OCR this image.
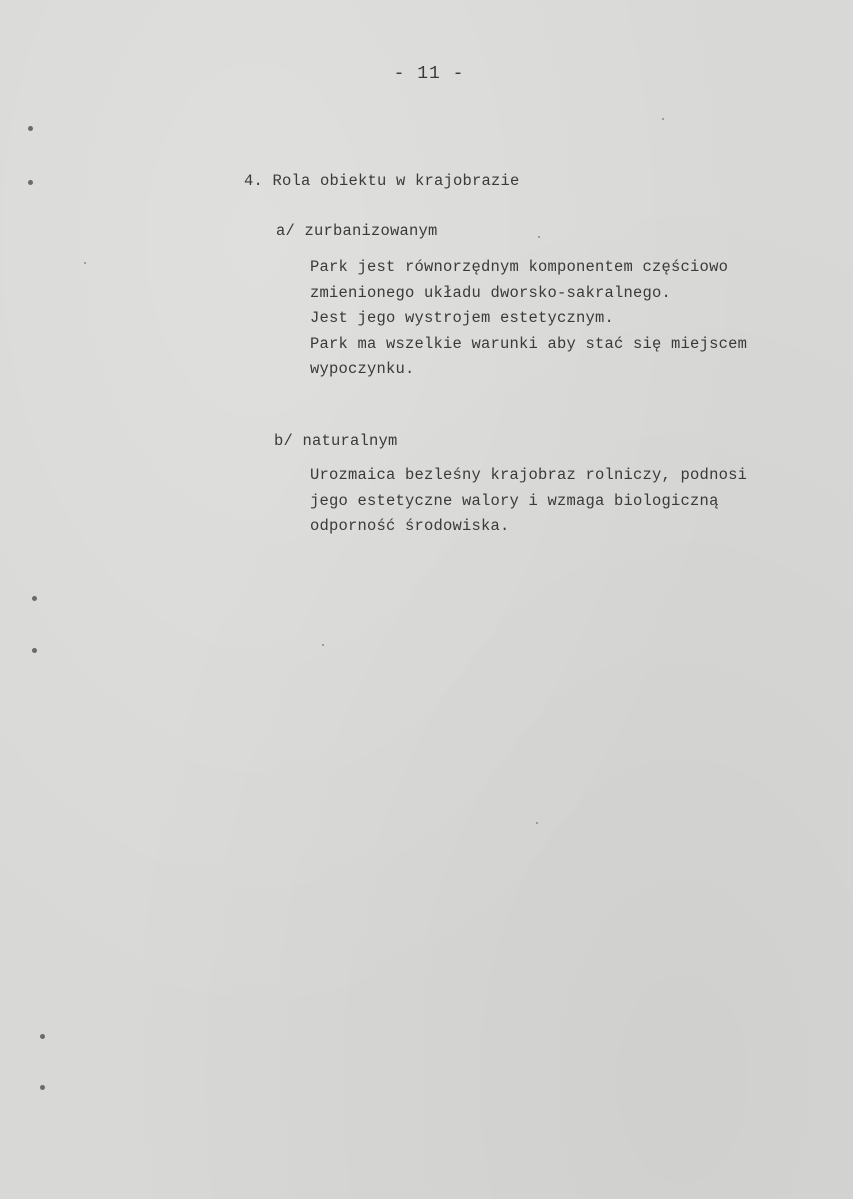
- 11 -
4. Rola obiektu w krajobrazie
a/ zurbanizowanym
Park jest równorzędnym komponentem częściowo
zmienionego układu dworsko-sakralnego.
Jest jego wystrojem estetycznym.
Park ma wszelkie warunki aby stać się miejscem
wypoczynku.
b/ naturalnym
Urozmaica bezleśny krajobraz rolniczy, podnosi
jego estetyczne walory i wzmaga biologiczną
odporność środowiska.
